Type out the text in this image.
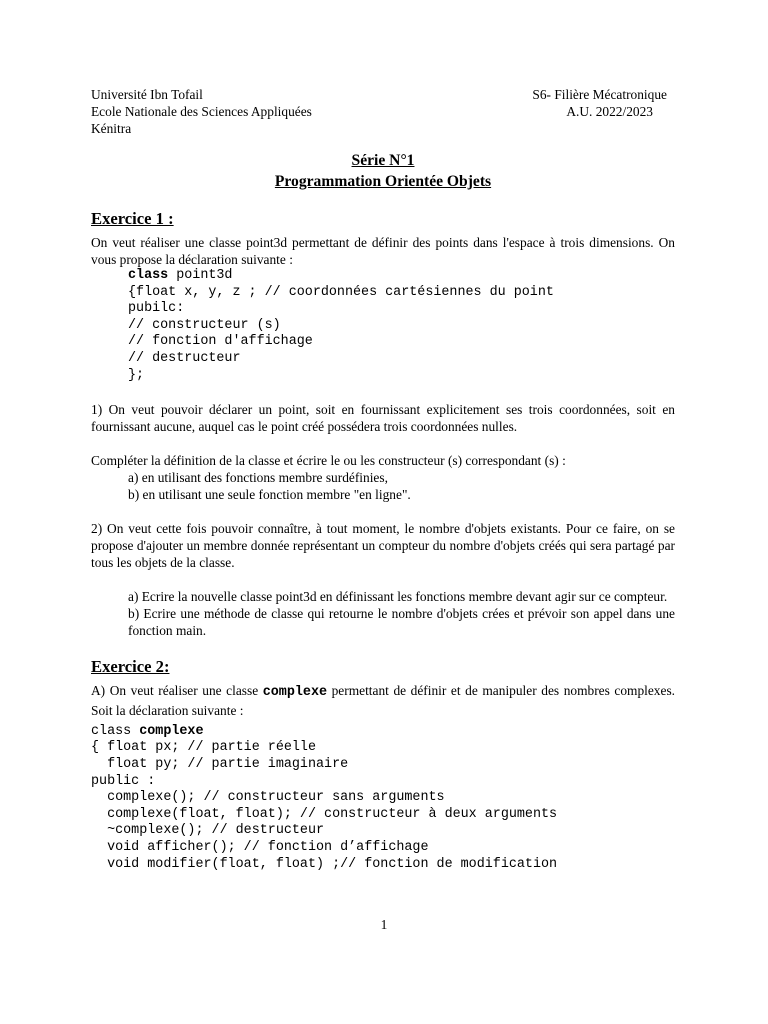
Université Ibn Tofail
Ecole Nationale des Sciences Appliquées
Kénitra
S6- Filière Mécatronique
A.U. 2022/2023
Série N°1
Programmation Orientée Objets
Exercice 1 :

On veut réaliser une classe point3d permettant de définir des points dans l'espace à trois dimensions. On vous propose la déclaration suivante :

class point3d
{float x, y, z ; // coordonnées cartésiennes du point
pubilc:
// constructeur (s)
// fonction d'affichage
// destructeur
};

1) On veut pouvoir déclarer un point, soit en fournissant explicitement ses trois coordonnées, soit en fournissant aucune, auquel cas le point créé possédera trois coordonnées nulles.

Compléter la définition de la classe et écrire le ou les constructeur (s) correspondant (s) :

a) en utilisant des fonctions membre surdéfinies,

b) en utilisant une seule fonction membre "en ligne".

2) On veut cette fois pouvoir connaître, à tout moment, le nombre d'objets existants. Pour ce faire, on se propose d'ajouter un membre donnée représentant un compteur du nombre d'objets créés qui sera partagé par tous les objets de la classe.

a) Ecrire la nouvelle classe point3d en définissant les fonctions membre devant agir sur ce compteur.

b) Ecrire une méthode de classe qui retourne le nombre d'objets crées et prévoir son appel dans une fonction main.

Exercice 2:

A) On veut réaliser une classe complexe permettant de définir et de manipuler des nombres complexes. Soit la déclaration suivante :

class complexe
{ float px; // partie réelle
float py; // partie imaginaire
public :
complexe(); // constructeur sans arguments
complexe(float, float); // constructeur à deux arguments
~complexe(); // destructeur
void afficher(); // fonction d’affichage
void modifier(float, float) ;// fonction de modification
1
